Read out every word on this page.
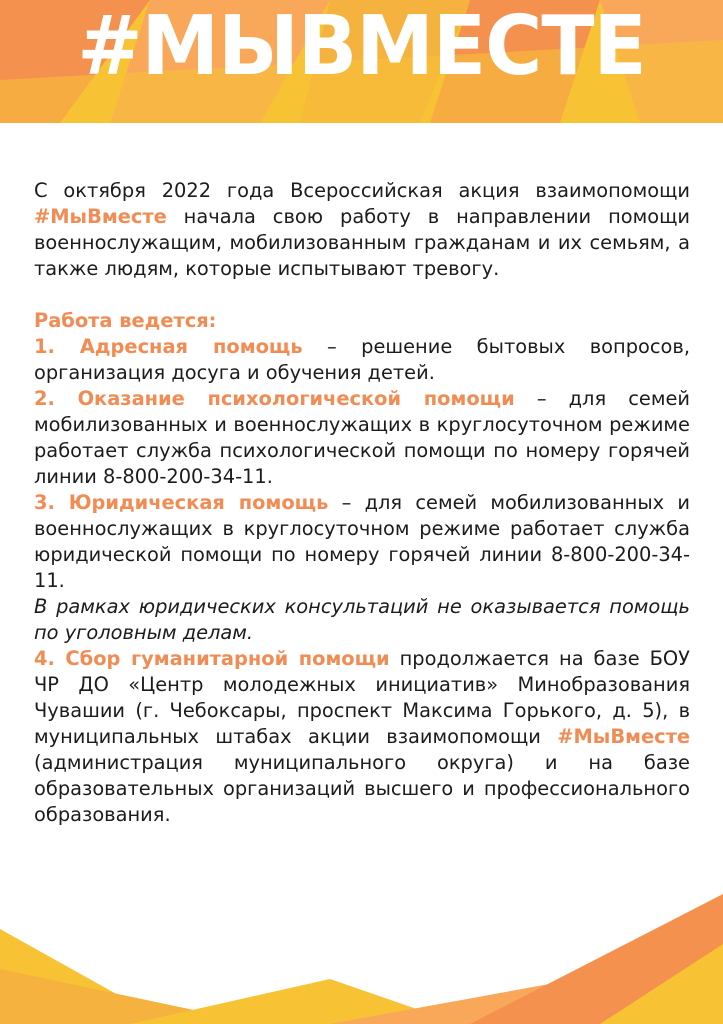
#МЫВМЕСТЕ

С октября 2022 года Всероссийская акция взаимопомощи #МыВместе начала свою работу в направлении помощи военнослужащим, мобилизованным гражданам и их семьям, а также людям, которые испытывают тревогу.

Работа ведется:

1. Адресная помощь – решение бытовых вопросов, организация досуга и обучения детей.

2. Оказание психологической помощи – для семей мобилизованных и военнослужащих в круглосуточном режиме работает служба психологической помощи по номеру горячей линии 8-800-200-34-11.

3. Юридическая помощь – для семей мобилизованных и военнослужащих в круглосуточном режиме работает служба юридической помощи по номеру горячей линии 8-800-200-34-11.

В рамках юридических консультаций не оказывается помощь по уголовным делам.

4. Сбор гуманитарной помощи продолжается на базе БОУ ЧР ДО «Центр молодежных инициатив» Минобразования Чувашии (г. Чебоксары, проспект Максима Горького, д. 5), в муниципальных штабах акции взаимопомощи #МыВместе (администрация муниципального округа) и на базе образовательных организаций высшего и профессионального образования.
